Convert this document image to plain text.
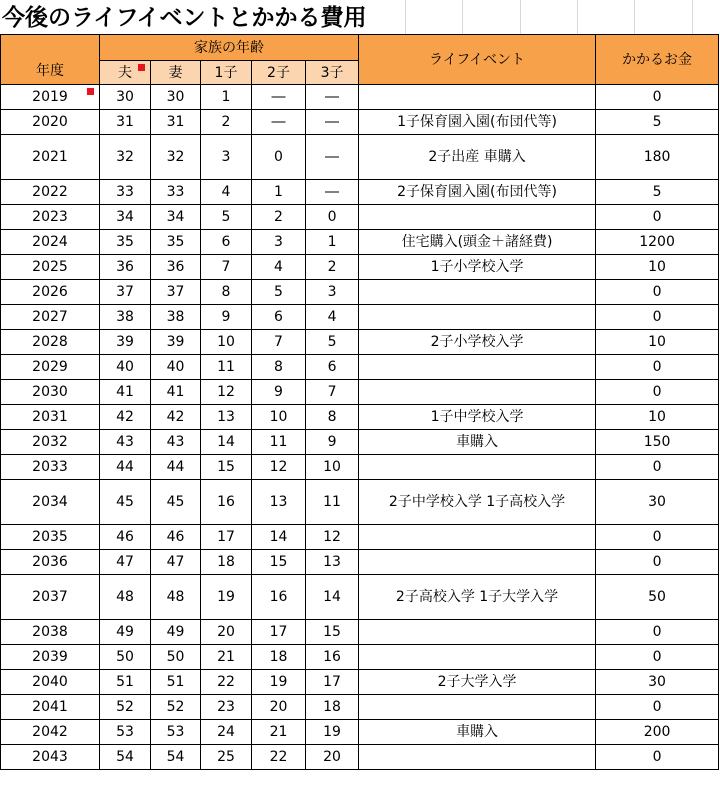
今後のライフイベントとかかる費用
年度	家族の年齢					ライフイベント	かかるお金
	夫	妻	1子	2子	3子		
2019	30	30	1	―	―		0
2020	31	31	2	―	―	1子保育園入園(布団代等)	5
2021	32	32	3	0	―	2子出産 車購入	180
2022	33	33	4	1	―	2子保育園入園(布団代等)	5
2023	34	34	5	2	0		0
2024	35	35	6	3	1	住宅購入(頭金＋諸経費)	1200
2025	36	36	7	4	2	1子小学校入学	10
2026	37	37	8	5	3		0
2027	38	38	9	6	4		0
2028	39	39	10	7	5	2子小学校入学	10
2029	40	40	11	8	6		0
2030	41	41	12	9	7		0
2031	42	42	13	10	8	1子中学校入学	10
2032	43	43	14	11	9	車購入	150
2033	44	44	15	12	10		0
2034	45	45	16	13	11	2子中学校入学 1子高校入学	30
2035	46	46	17	14	12		0
2036	47	47	18	15	13		0
2037	48	48	19	16	14	2子高校入学 1子大学入学	50
2038	49	49	20	17	15		0
2039	50	50	21	18	16		0
2040	51	51	22	19	17	2子大学入学	30
2041	52	52	23	20	18		0
2042	53	53	24	21	19	車購入	200
2043	54	54	25	22	20		0
